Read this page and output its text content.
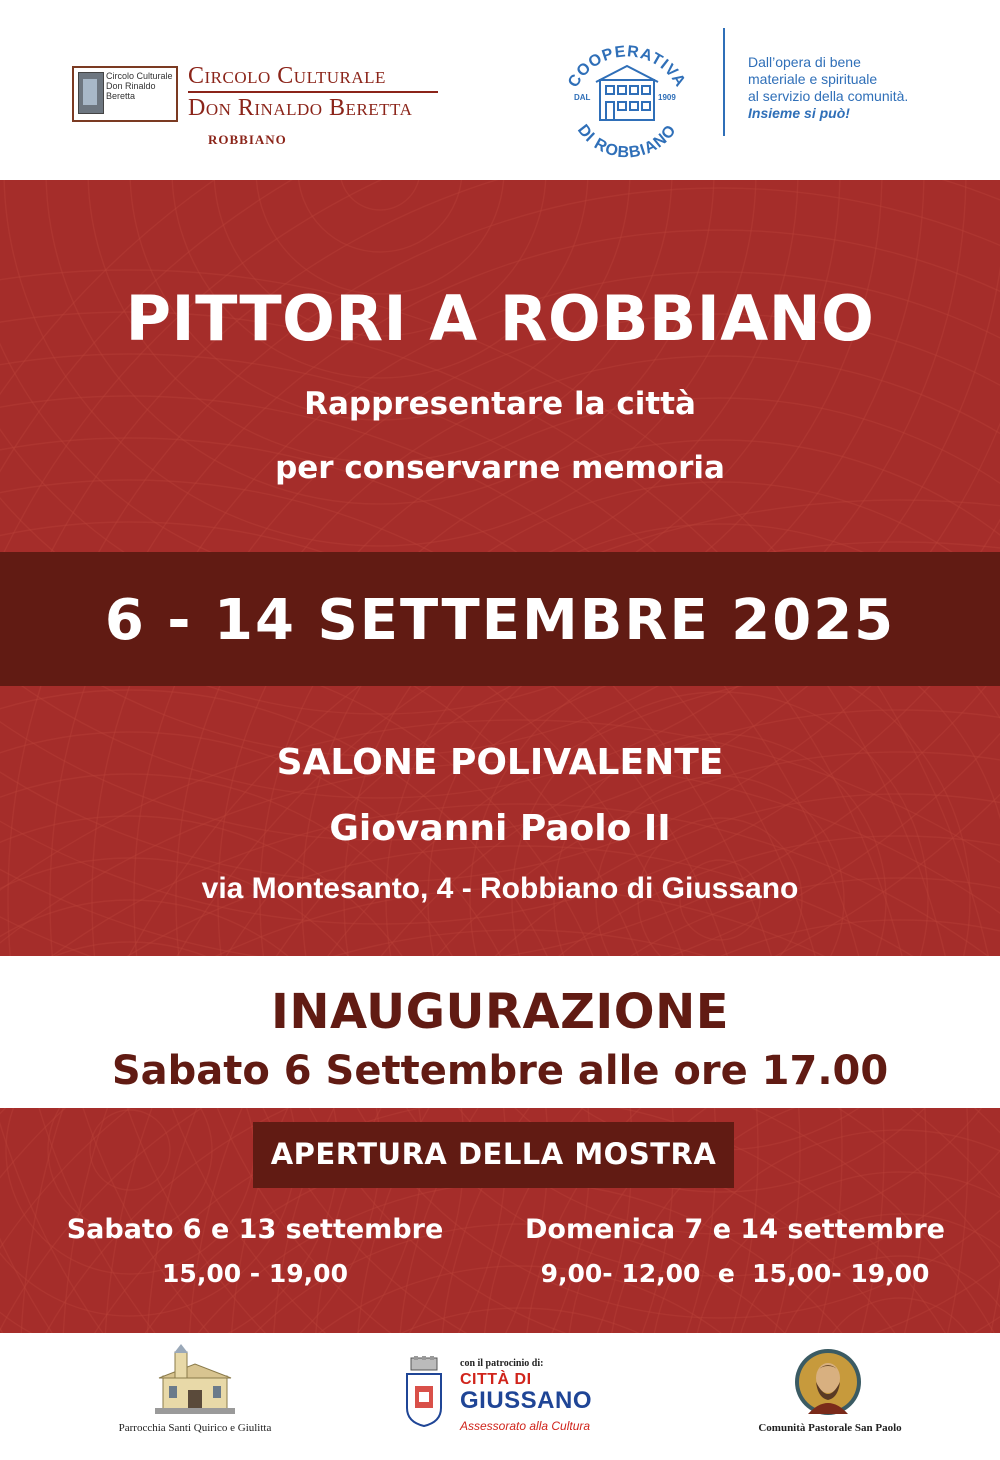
Circolo Culturale Don Rinaldo Beretta
Circolo Culturale
Don Rinaldo Beretta
ROBBIANO
COOPERATIVA
DI ROBBIANO
DAL	1909
Dall’opera di bene
materiale e spirituale
al servizio della comunità.
Insieme si può!
PITTORI A ROBBIANO
Rappresentare la città
per conservarne memoria
6 - 14 SETTEMBRE 2025
SALONE POLIVALENTE
Giovanni Paolo II
via Montesanto, 4 - Robbiano di Giussano
INAUGURAZIONE
Sabato 6 Settembre alle ore 17.00
APERTURA DELLA MOSTRA
Sabato 6 e 13 settembre
15,00 - 19,00
Domenica 7 e 14 settembre
9,00- 12,00  e  15,00- 19,00
Parrocchia Santi Quirico e Giulitta
con il patrocinio di:
CITTÀ DI
GIUSSANO
Assessorato alla Cultura	Comunità Pastorale San Paolo
